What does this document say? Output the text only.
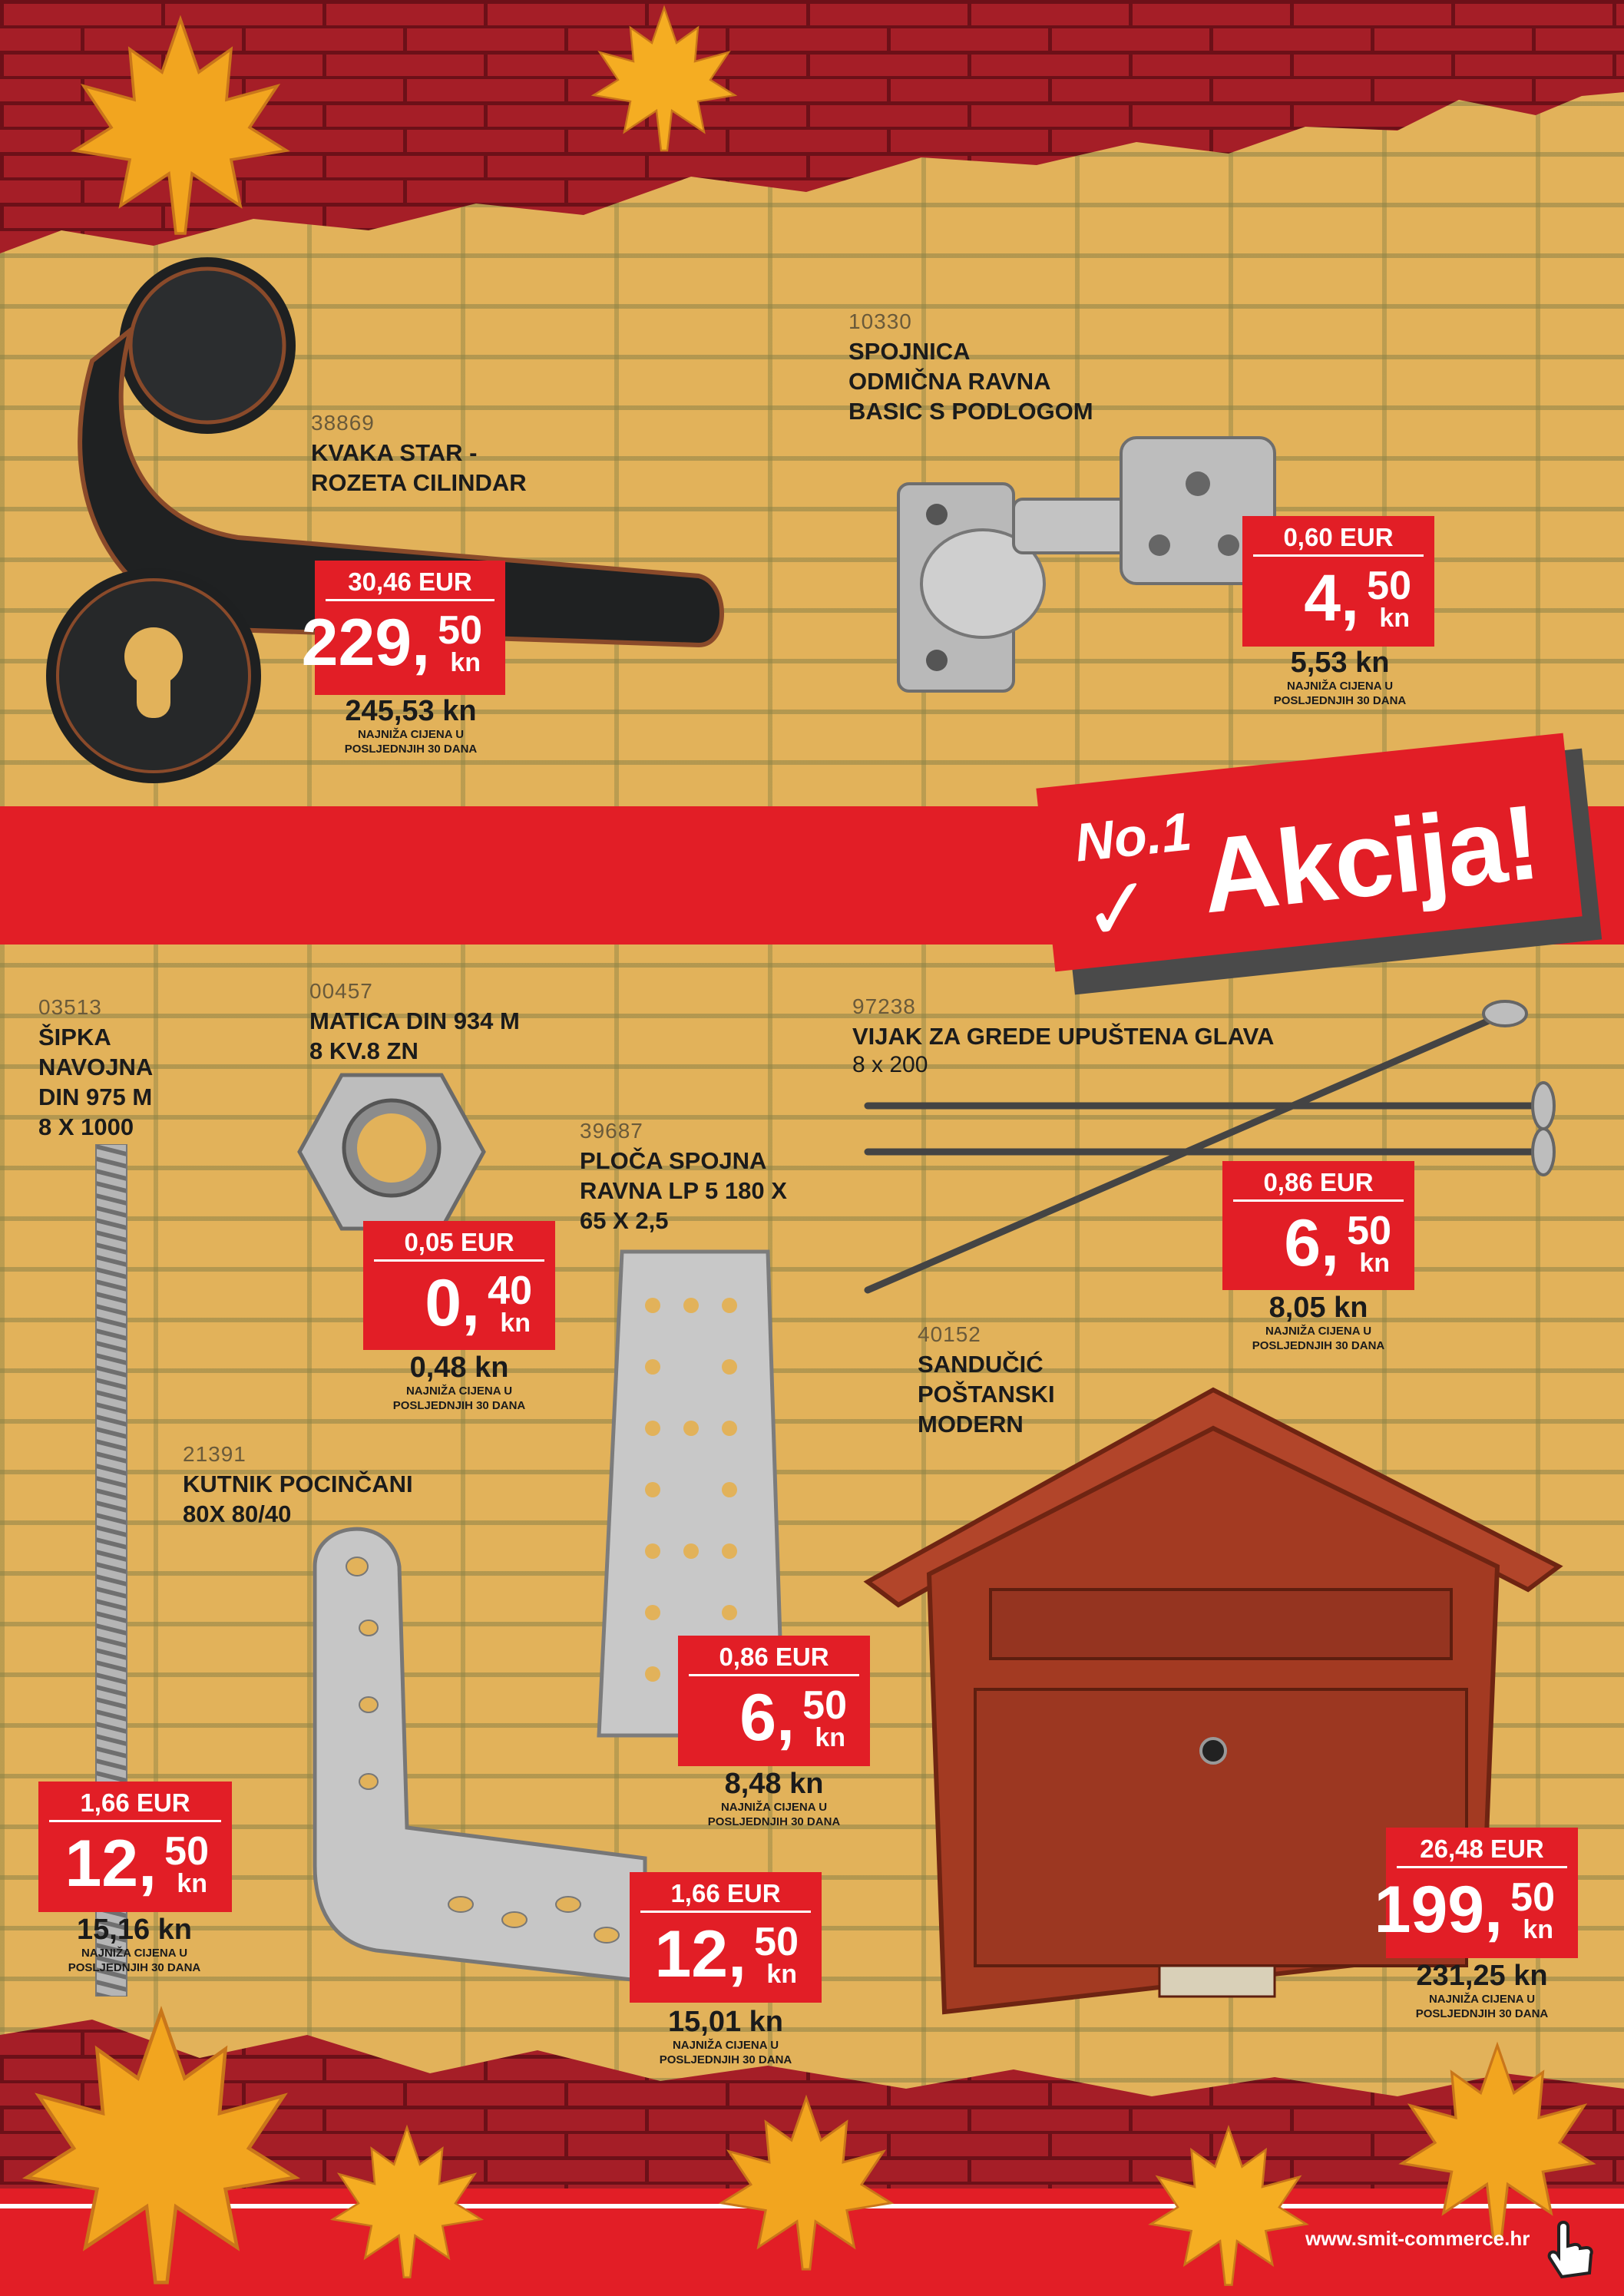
38869
KVAKA STAR -
ROZETA CILINDAR
30,46 EUR
229, 50
kn
245,53 kn
NAJNIŽA CIJENA U
POSLJEDNJIH 30 DANA
10330
SPOJNICA
ODMIČNA RAVNA
BASIC S PODLOGOM
0,60 EUR
4, 50
kn
5,53 kn
NAJNIŽA CIJENA U
POSLJEDNJIH 30 DANA
No.1
✓ Akcija!
03513
ŠIPKA
NAVOJNA
DIN 975 M
8 X 1000
1,66 EUR
12, 50
kn
15,16 kn
NAJNIŽA CIJENA U
POSLJEDNJIH 30 DANA
00457
MATICA DIN 934 M
8 KV.8 ZN
0,05 EUR
0, 40
kn
0,48 kn
NAJNIŽA CIJENA U
POSLJEDNJIH 30 DANA
39687
PLOČA SPOJNA
RAVNA LP 5 180 X
65 X 2,5
0,86 EUR
6, 50
kn
8,48 kn
NAJNIŽA CIJENA U
POSLJEDNJIH 30 DANA
97238
VIJAK ZA GREDE UPUŠTENA GLAVA
8 x 200
0,86 EUR
6, 50
kn
8,05 kn
NAJNIŽA CIJENA U
POSLJEDNJIH 30 DANA
21391
KUTNIK POCINČANI
80X 80/40
1,66 EUR
12, 50
kn
15,01 kn
NAJNIŽA CIJENA U
POSLJEDNJIH 30 DANA
40152
SANDUČIĆ
POŠTANSKI
MODERN
26,48 EUR
199, 50
kn
231,25 kn
NAJNIŽA CIJENA U
POSLJEDNJIH 30 DANA
www.smit-commerce.hr
